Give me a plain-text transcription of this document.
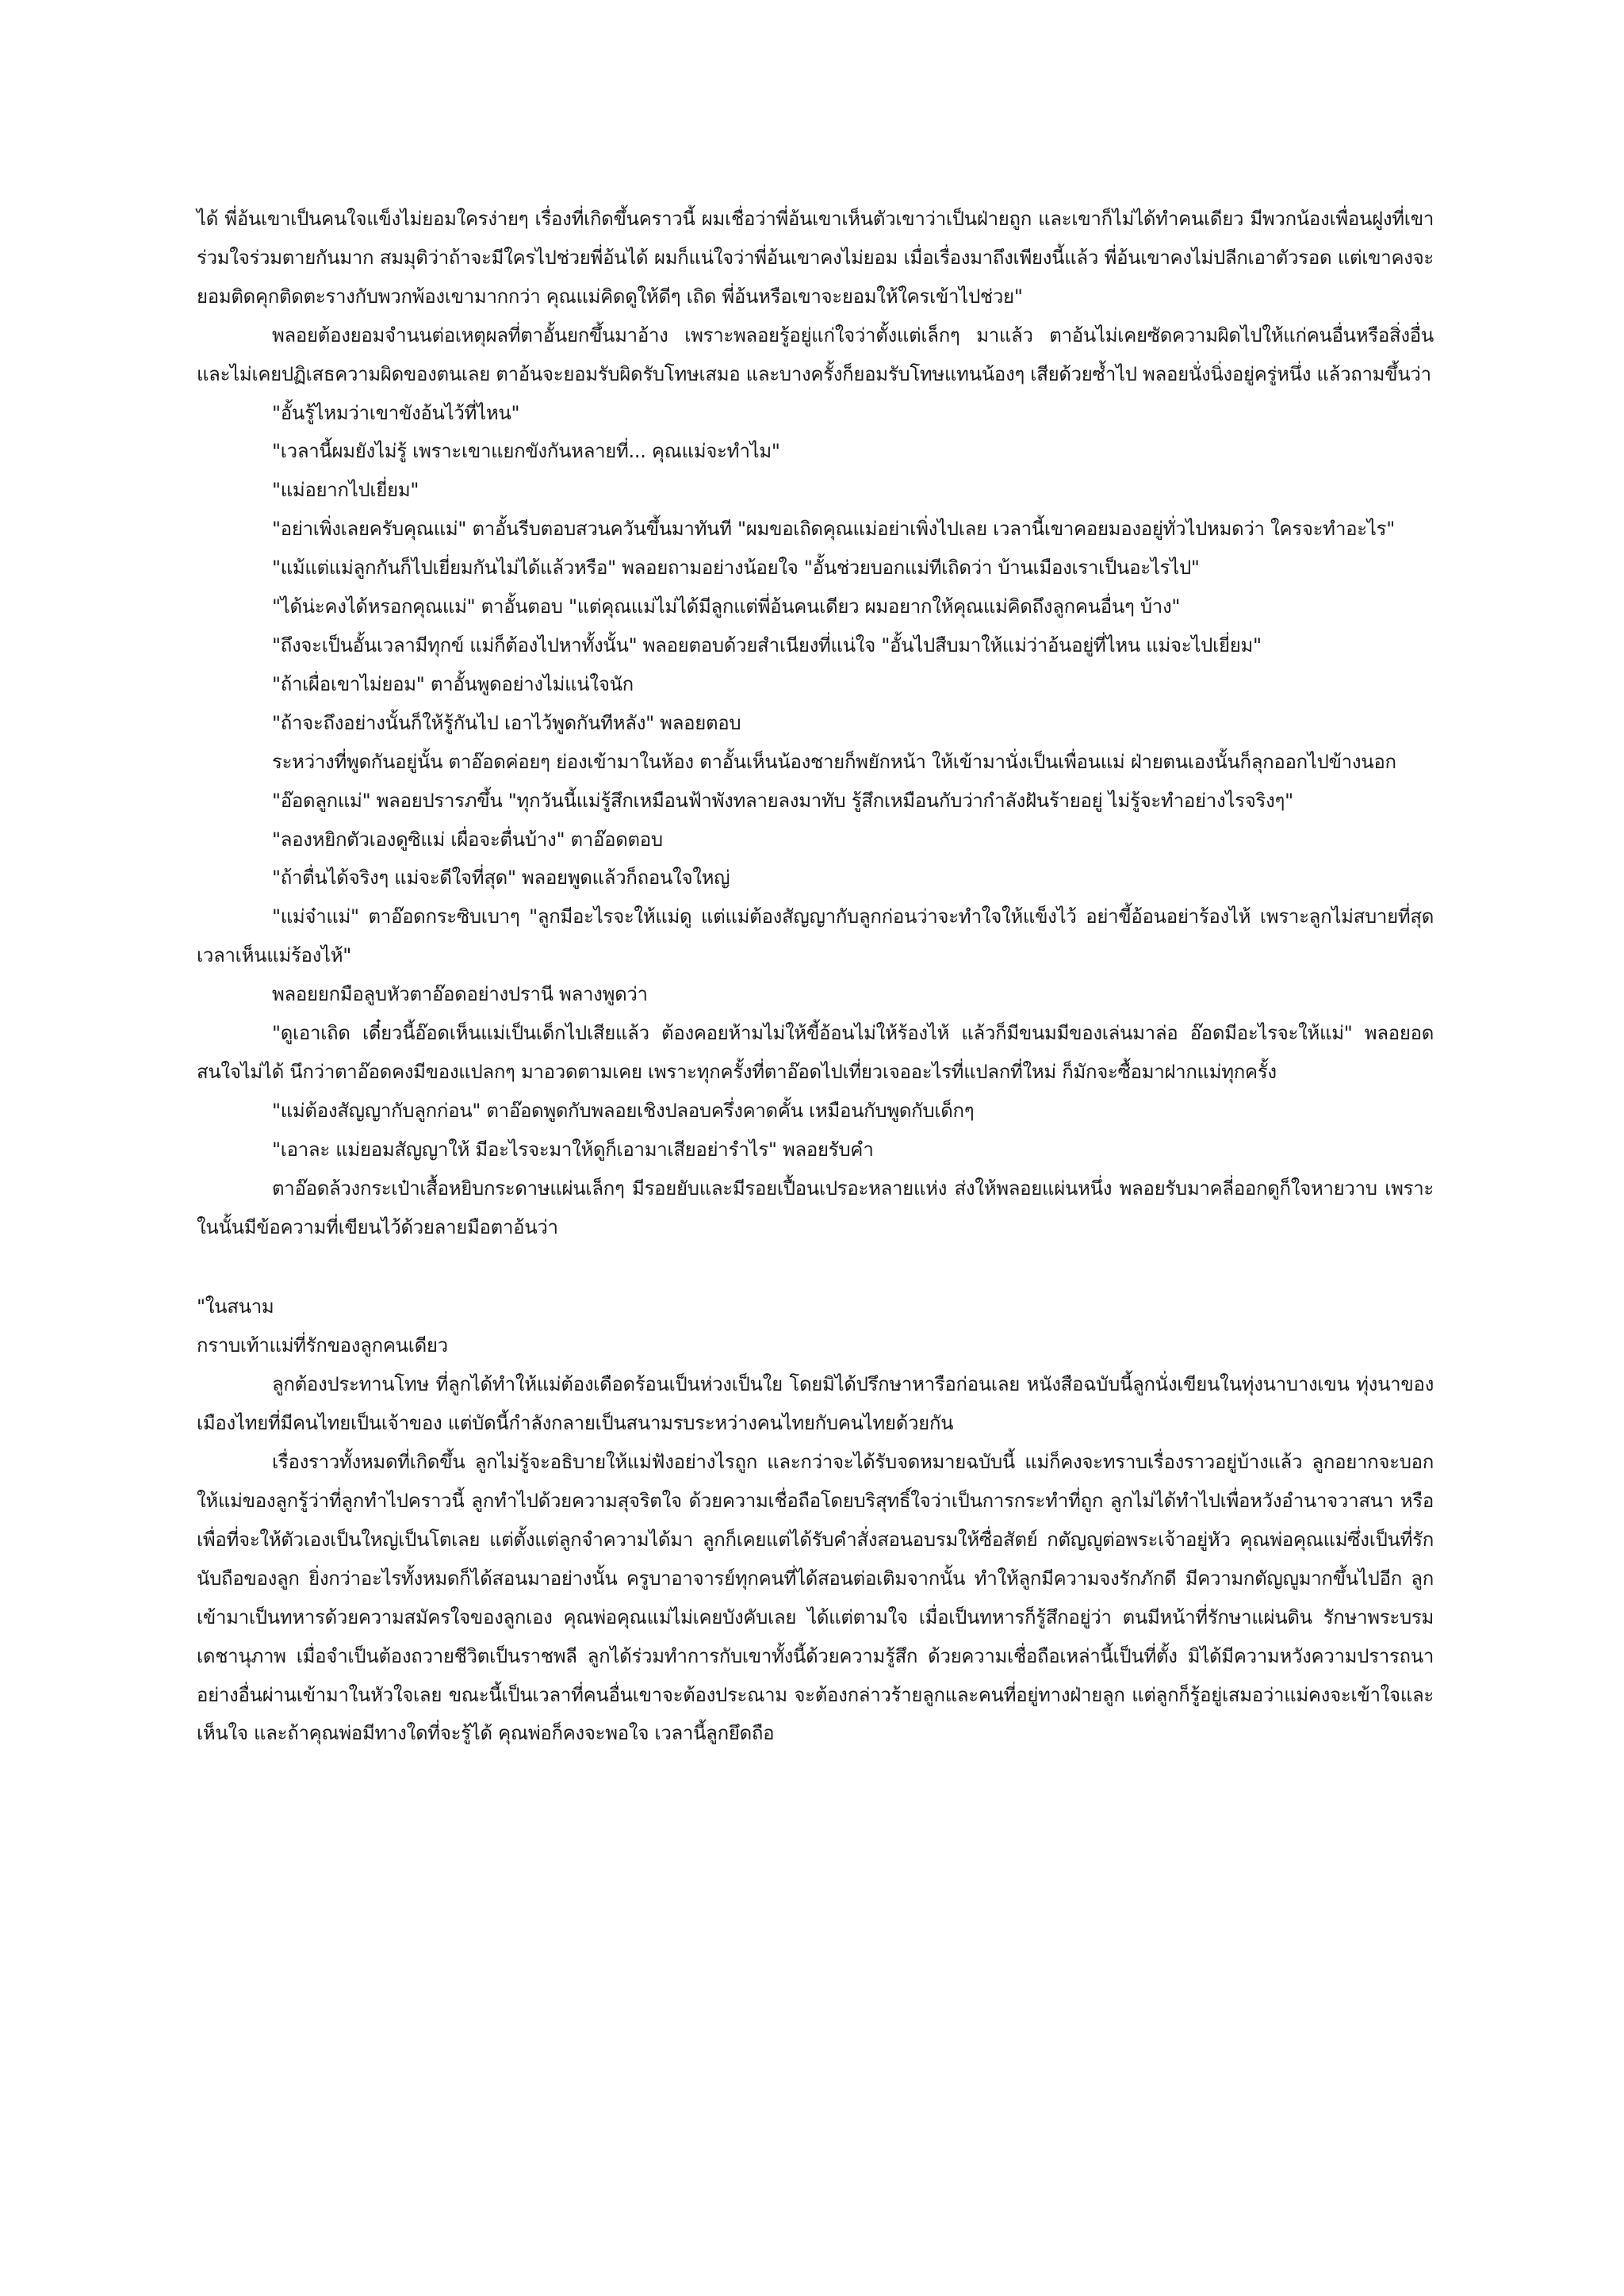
ได้ พี่อ้นเขาเป็นคนใจแข็งไม่ยอมใครง่ายๆ เรื่องที่เกิดขึ้นคราวนี้ ผมเชื่อว่าพี่อ้นเขาเห็นตัวเขาว่าเป็นฝ่ายถูก และเขาก็ไม่ได้ทำคนเดียว มีพวกน้องเพื่อนฝูงที่เขาร่วมใจร่วมตายกันมาก สมมุติว่าถ้าจะมีใครไปช่วยพี่อ้นได้ ผมก็แน่ใจว่าพี่อ้นเขาคงไม่ยอม เมื่อเรื่องมาถึงเพียงนี้แล้ว พี่อ้นเขาคงไม่ปลีกเอาตัวรอด แต่เขาคงจะยอมติดคุกติดตะรางกับพวกพ้องเขามากกว่า คุณแม่คิดดูให้ดีๆ เถิด พี่อ้นหรือเขาจะยอมให้ใครเข้าไปช่วย"

พลอยต้องยอมจำนนต่อเหตุผลที่ตาอั้นยกขึ้นมาอ้าง เพราะพลอยรู้อยู่แก่ใจว่าตั้งแต่เล็กๆ มาแล้ว ตาอ้นไม่เคยซัดความผิดไปให้แก่คนอื่นหรือสิ่งอื่น และไม่เคยปฏิเสธความผิดของตนเลย ตาอ้นจะยอมรับผิดรับโทษเสมอ และบางครั้งก็ยอมรับโทษแทนน้องๆ เสียด้วยซ้ำไป พลอยนั่งนิ่งอยู่ครู่หนึ่ง แล้วถามขึ้นว่า

"อั้นรู้ไหมว่าเขาขังอ้นไว้ที่ไหน"

"เวลานี้ผมยังไม่รู้ เพราะเขาแยกขังกันหลายที่... คุณแม่จะทำไม"

"แม่อยากไปเยี่ยม"

"อย่าเพิ่งเลยครับคุณแม่" ตาอั้นรีบตอบสวนควันขึ้นมาทันที "ผมขอเถิดคุณแม่อย่าเพิ่งไปเลย เวลานี้เขาคอยมองอยู่ทั่วไปหมดว่า ใครจะทำอะไร"

"แม้แต่แม่ลูกกันก็ไปเยี่ยมกันไม่ได้แล้วหรือ" พลอยถามอย่างน้อยใจ "อั้นช่วยบอกแม่ทีเถิดว่า บ้านเมืองเราเป็นอะไรไป"

"ได้น่ะคงได้หรอกคุณแม่" ตาอั้นตอบ "แต่คุณแม่ไม่ได้มีลูกแต่พี่อ้นคนเดียว ผมอยากให้คุณแม่คิดถึงลูกคนอื่นๆ บ้าง"

"ถึงจะเป็นอั้นเวลามีทุกข์ แม่ก็ต้องไปหาทั้งนั้น" พลอยตอบด้วยสำเนียงที่แน่ใจ "อั้นไปสืบมาให้แม่ว่าอ้นอยู่ที่ไหน แม่จะไปเยี่ยม"

"ถ้าเผื่อเขาไม่ยอม" ตาอั้นพูดอย่างไม่แน่ใจนัก

"ถ้าจะถึงอย่างนั้นก็ให้รู้กันไป เอาไว้พูดกันทีหลัง" พลอยตอบ

ระหว่างที่พูดกันอยู่นั้น ตาอ๊อดค่อยๆ ย่องเข้ามาในห้อง ตาอั้นเห็นน้องชายก็พยักหน้า ให้เข้ามานั่งเป็นเพื่อนแม่ ฝ่ายตนเองนั้นก็ลุกออกไปข้างนอก

"อ๊อดลูกแม่" พลอยปรารภขึ้น "ทุกวันนี้แม่รู้สึกเหมือนฟ้าพังทลายลงมาทับ รู้สึกเหมือนกับว่ากำลังฝันร้ายอยู่ ไม่รู้จะทำอย่างไรจริงๆ"

"ลองหยิกตัวเองดูซิแม่ เผื่อจะตื่นบ้าง" ตาอ๊อดตอบ

"ถ้าตื่นได้จริงๆ แม่จะดีใจที่สุด" พลอยพูดแล้วก็ถอนใจใหญ่

"แม่จ๋าแม่" ตาอ๊อดกระซิบเบาๆ "ลูกมีอะไรจะให้แม่ดู แต่แม่ต้องสัญญากับลูกก่อนว่าจะทำใจให้แข็งไว้ อย่าขี้อ้อนอย่าร้องไห้ เพราะลูกไม่สบายที่สุดเวลาเห็นแม่ร้องไห้"

พลอยยกมือลูบหัวตาอ๊อดอย่างปรานี พลางพูดว่า

"ดูเอาเถิด เดี๋ยวนี้อ๊อดเห็นแม่เป็นเด็กไปเสียแล้ว ต้องคอยห้ามไม่ให้ขี้อ้อนไม่ให้ร้องไห้ แล้วก็มีขนมมีของเล่นมาล่อ อ๊อดมีอะไรจะให้แม่" พลอยอดสนใจไม่ได้ นึกว่าตาอ๊อดคงมีของแปลกๆ มาอวดตามเคย เพราะทุกครั้งที่ตาอ๊อดไปเที่ยวเจออะไรที่แปลกที่ใหม่ ก็มักจะซื้อมาฝากแม่ทุกครั้ง

"แม่ต้องสัญญากับลูกก่อน" ตาอ๊อดพูดกับพลอยเชิงปลอบครึ่งคาดคั้น เหมือนกับพูดกับเด็กๆ

"เอาละ แม่ยอมสัญญาให้ มีอะไรจะมาให้ดูก็เอามาเสียอย่ารำไร" พลอยรับคำ

ตาอ๊อดล้วงกระเป๋าเสื้อหยิบกระดาษแผ่นเล็กๆ มีรอยยับและมีรอยเปื้อนเปรอะหลายแห่ง ส่งให้พลอยแผ่นหนึ่ง พลอยรับมาคลี่ออกดูก็ใจหายวาบ เพราะในนั้นมีข้อความที่เขียนไว้ด้วยลายมือตาอ้นว่า

"ในสนาม

กราบเท้าแม่ที่รักของลูกคนเดียว

ลูกต้องประทานโทษ ที่ลูกได้ทำให้แม่ต้องเดือดร้อนเป็นห่วงเป็นใย โดยมิได้ปรึกษาหารือก่อนเลย หนังสือฉบับนี้ลูกนั่งเขียนในทุ่งนาบางเขน ทุ่งนาของเมืองไทยที่มีคนไทยเป็นเจ้าของ แต่บัดนี้กำลังกลายเป็นสนามรบระหว่างคนไทยกับคนไทยด้วยกัน

เรื่องราวทั้งหมดที่เกิดขึ้น ลูกไม่รู้จะอธิบายให้แม่ฟังอย่างไรถูก และกว่าจะได้รับจดหมายฉบับนี้ แม่ก็คงจะทราบเรื่องราวอยู่บ้างแล้ว ลูกอยากจะบอกให้แม่ของลูกรู้ว่าที่ลูกทำไปคราวนี้ ลูกทำไปด้วยความสุจริตใจ ด้วยความเชื่อถือโดยบริสุทธิ์ใจว่าเป็นการกระทำที่ถูก ลูกไม่ได้ทำไปเพื่อหวังอำนาจวาสนา หรือเพื่อที่จะให้ตัวเองเป็นใหญ่เป็นโตเลย แต่ตั้งแต่ลูกจำความได้มา ลูกก็เคยแต่ได้รับคำสั่งสอนอบรมให้ซื่อสัตย์ กตัญญูต่อพระเจ้าอยู่หัว คุณพ่อคุณแม่ซึ่งเป็นที่รักนับถือของลูก ยิ่งกว่าอะไรทั้งหมดก็ได้สอนมาอย่างนั้น ครูบาอาจารย์ทุกคนที่ได้สอนต่อเติมจากนั้น ทำให้ลูกมีความจงรักภักดี มีความกตัญญูมากขึ้นไปอีก ลูกเข้ามาเป็นทหารด้วยความสมัครใจของลูกเอง คุณพ่อคุณแม่ไม่เคยบังคับเลย ได้แต่ตามใจ เมื่อเป็นทหารก็รู้สึกอยู่ว่า ตนมีหน้าที่รักษาแผ่นดิน รักษาพระบรมเดชานุภาพ เมื่อจำเป็นต้องถวายชีวิตเป็นราชพลี ลูกได้ร่วมทำการกับเขาทั้งนี้ด้วยความรู้สึก ด้วยความเชื่อถือเหล่านี้เป็นที่ตั้ง มิได้มีความหวังความปรารถนาอย่างอื่นผ่านเข้ามาในหัวใจเลย ขณะนี้เป็นเวลาที่คนอื่นเขาจะต้องประณาม จะต้องกล่าวร้ายลูกและคนที่อยู่ทางฝ่ายลูก แต่ลูกก็รู้อยู่เสมอว่าแม่คงจะเข้าใจและเห็นใจ และถ้าคุณพ่อมีทางใดที่จะรู้ได้ คุณพ่อก็คงจะพอใจ เวลานี้ลูกยึดถือ
